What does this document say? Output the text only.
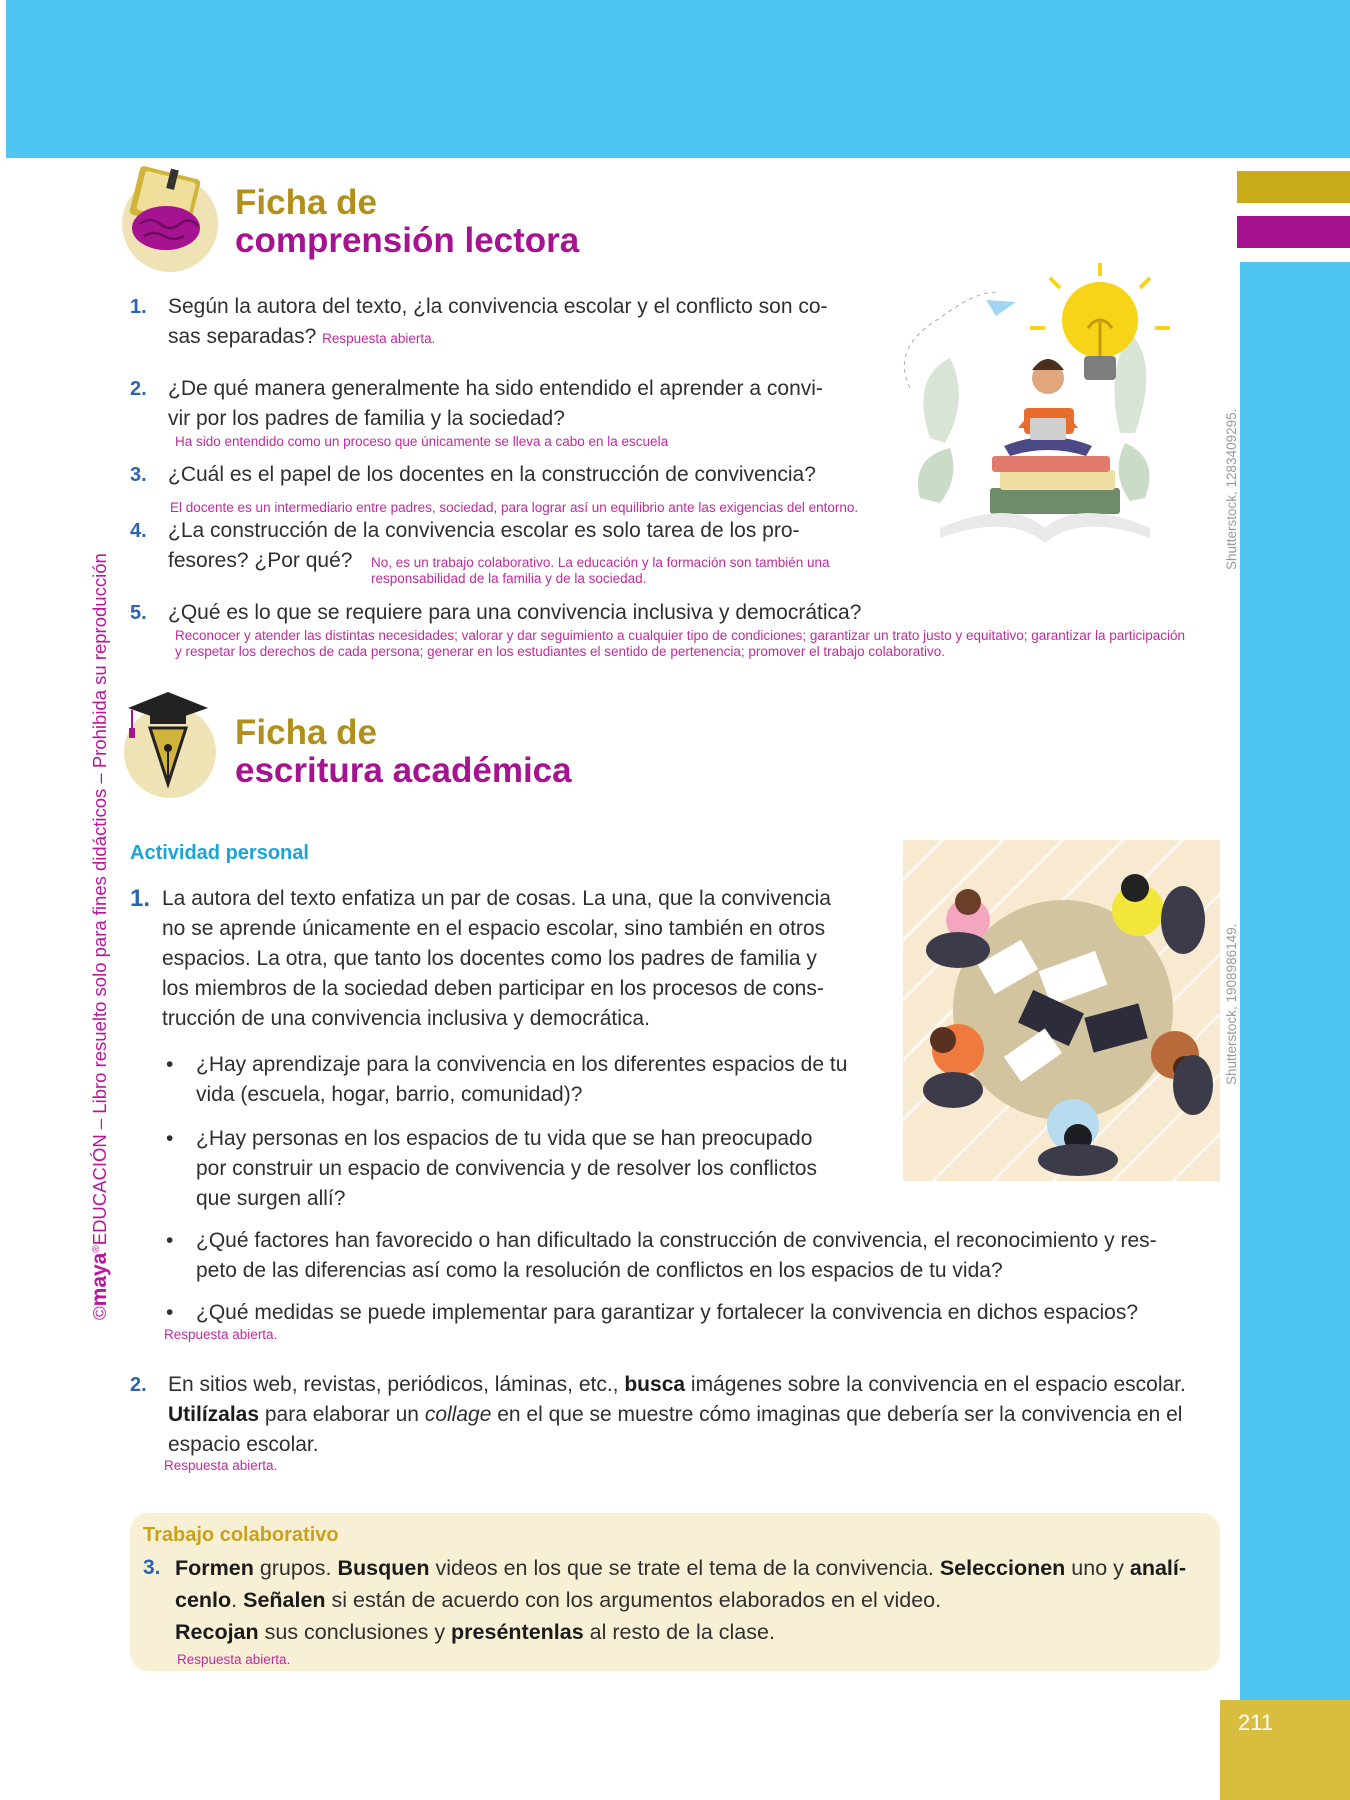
211
©maya®EDUCACIÓN – Libro resuelto solo para fines didácticos – Prohibida su reproducción
Shutterstock, 1283409295.
Shutterstock, 1908986149.
Ficha de
comprensión lectora
1. Según la autora del texto, ¿la convivencia escolar y el conflicto son co-
sas separadas? Respuesta abierta.
2. ¿De qué manera generalmente ha sido entendido el aprender a convi-
vir por los padres de familia y la sociedad?
Ha sido entendido como un proceso que únicamente se lleva a cabo en la escuela
3. ¿Cuál es el papel de los docentes en la construcción de convivencia?
El docente es un intermediario entre padres, sociedad, para lograr así un equilibrio ante las exigencias del entorno.
4. ¿La construcción de la convivencia escolar es solo tarea de los pro-
fesores? ¿Por qué?	No, es un trabajo colaborativo. La educación y la formación son también una
responsabilidad de la familia y de la sociedad.
5. ¿Qué es lo que se requiere para una convivencia inclusiva y democrática?
Reconocer y atender las distintas necesidades; valorar y dar seguimiento a cualquier tipo de condiciones; garantizar un trato justo y equitativo; garantizar la participación
y respetar los derechos de cada persona; generar en los estudiantes el sentido de pertenencia; promover el trabajo colaborativo.
Ficha de
escritura académica
Actividad personal
1. La autora del texto enfatiza un par de cosas. La una, que la convivencia
no se aprende únicamente en el espacio escolar, sino también en otros
espacios. La otra, que tanto los docentes como los padres de familia y
los miembros de la sociedad deben participar en los procesos de cons-
trucción de una convivencia inclusiva y democrática.
• ¿Hay aprendizaje para la convivencia en los diferentes espacios de tu
vida (escuela, hogar, barrio, comunidad)?
• ¿Hay personas en los espacios de tu vida que se han preocupado
por construir un espacio de convivencia y de resolver los conflictos
que surgen allí?
• ¿Qué factores han favorecido o han dificultado la construcción de convivencia, el reconocimiento y res-
peto de las diferencias así como la resolución de conflictos en los espacios de tu vida?
• ¿Qué medidas se puede implementar para garantizar y fortalecer la convivencia en dichos espacios?
Respuesta abierta.
2. En sitios web, revistas, periódicos, láminas, etc., busca imágenes sobre la convivencia en el espacio escolar.
Utilízalas para elaborar un collage en el que se muestre cómo imaginas que debería ser la convivencia en el
espacio escolar.
Respuesta abierta.
Trabajo colaborativo
3. Formen grupos. Busquen videos en los que se trate el tema de la convivencia. Seleccionen uno y analí-
cenlo. Señalen si están de acuerdo con los argumentos elaborados en el video.
Recojan sus conclusiones y preséntenlas al resto de la clase.
Respuesta abierta.
